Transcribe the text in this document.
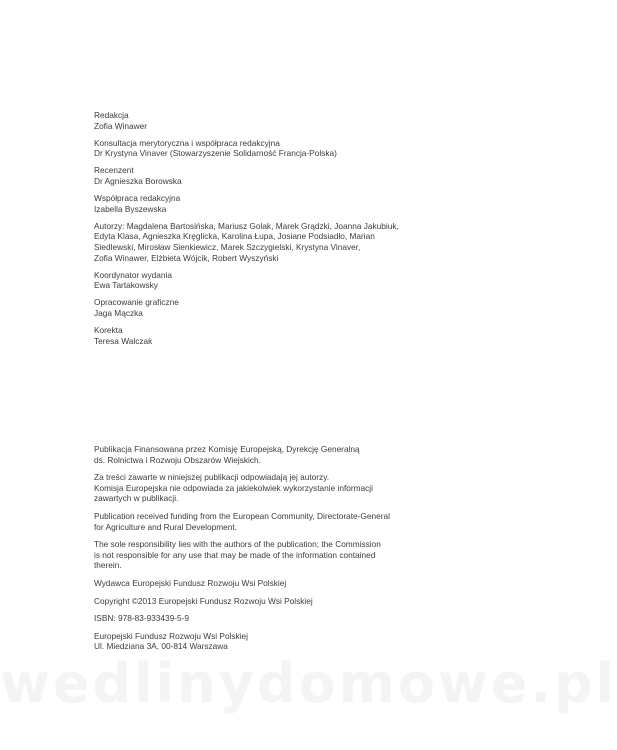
Redakcja
Zofia Winawer
Konsultacja merytoryczna i współpraca redakcyjna
Dr Krystyna Vinaver (Stowarzyszenie Solidarność Francja-Polska)
Recenzent
Dr Agnieszka Borowska
Współpraca redakcyjna
Izabella Byszewska
Autorzy: Magdalena Bartosińska, Mariusz Golak, Marek Grądzki, Joanna Jakubiuk,
Edyta Klasa, Agnieszka Kręglicka, Karolina Łupa, Josiane Podsiadło, Marian
Siedlewski, Mirosław Sienkiewicz, Marek Szczygielski, Krystyna Vinaver,
Zofia Winawer, Elżbieta Wójcik, Robert Wyszyński
Koordynator wydania
Ewa Tartakowsky
Opracowanie graficzne
Jaga Mączka
Korekta
Teresa Walczak
Publikacja Finansowana przez Komisję Europejską, Dyrekcję Generalną
ds. Rolnictwa i Rozwoju Obszarów Wiejskich.
Za treści zawarte w niniejszej publikacji odpowiadają jej autorzy.
Komisja Europejska nie odpowiada za jakiekolwiek wykorzystanie informacji
zawartych w publikacji.
Publication received funding from the European Community, Directorate-General
for Agriculture and Rural Development.
The sole responsibility lies with the authors of the publication; the Commission
is not responsible for any use that may be made of the information contained
therein.
Wydawca Europejski Fundusz Rozwoju Wsi Polskiej
Copyright ©2013 Europejski Fundusz Rozwoju Wsi Polskiej
ISBN: 978-83-933439-5-9
Europejski Fundusz Rozwoju Wsi Polskiej
Ul. Miedziana 3A, 00-814 Warszawa
wedlinydomowe.pl
